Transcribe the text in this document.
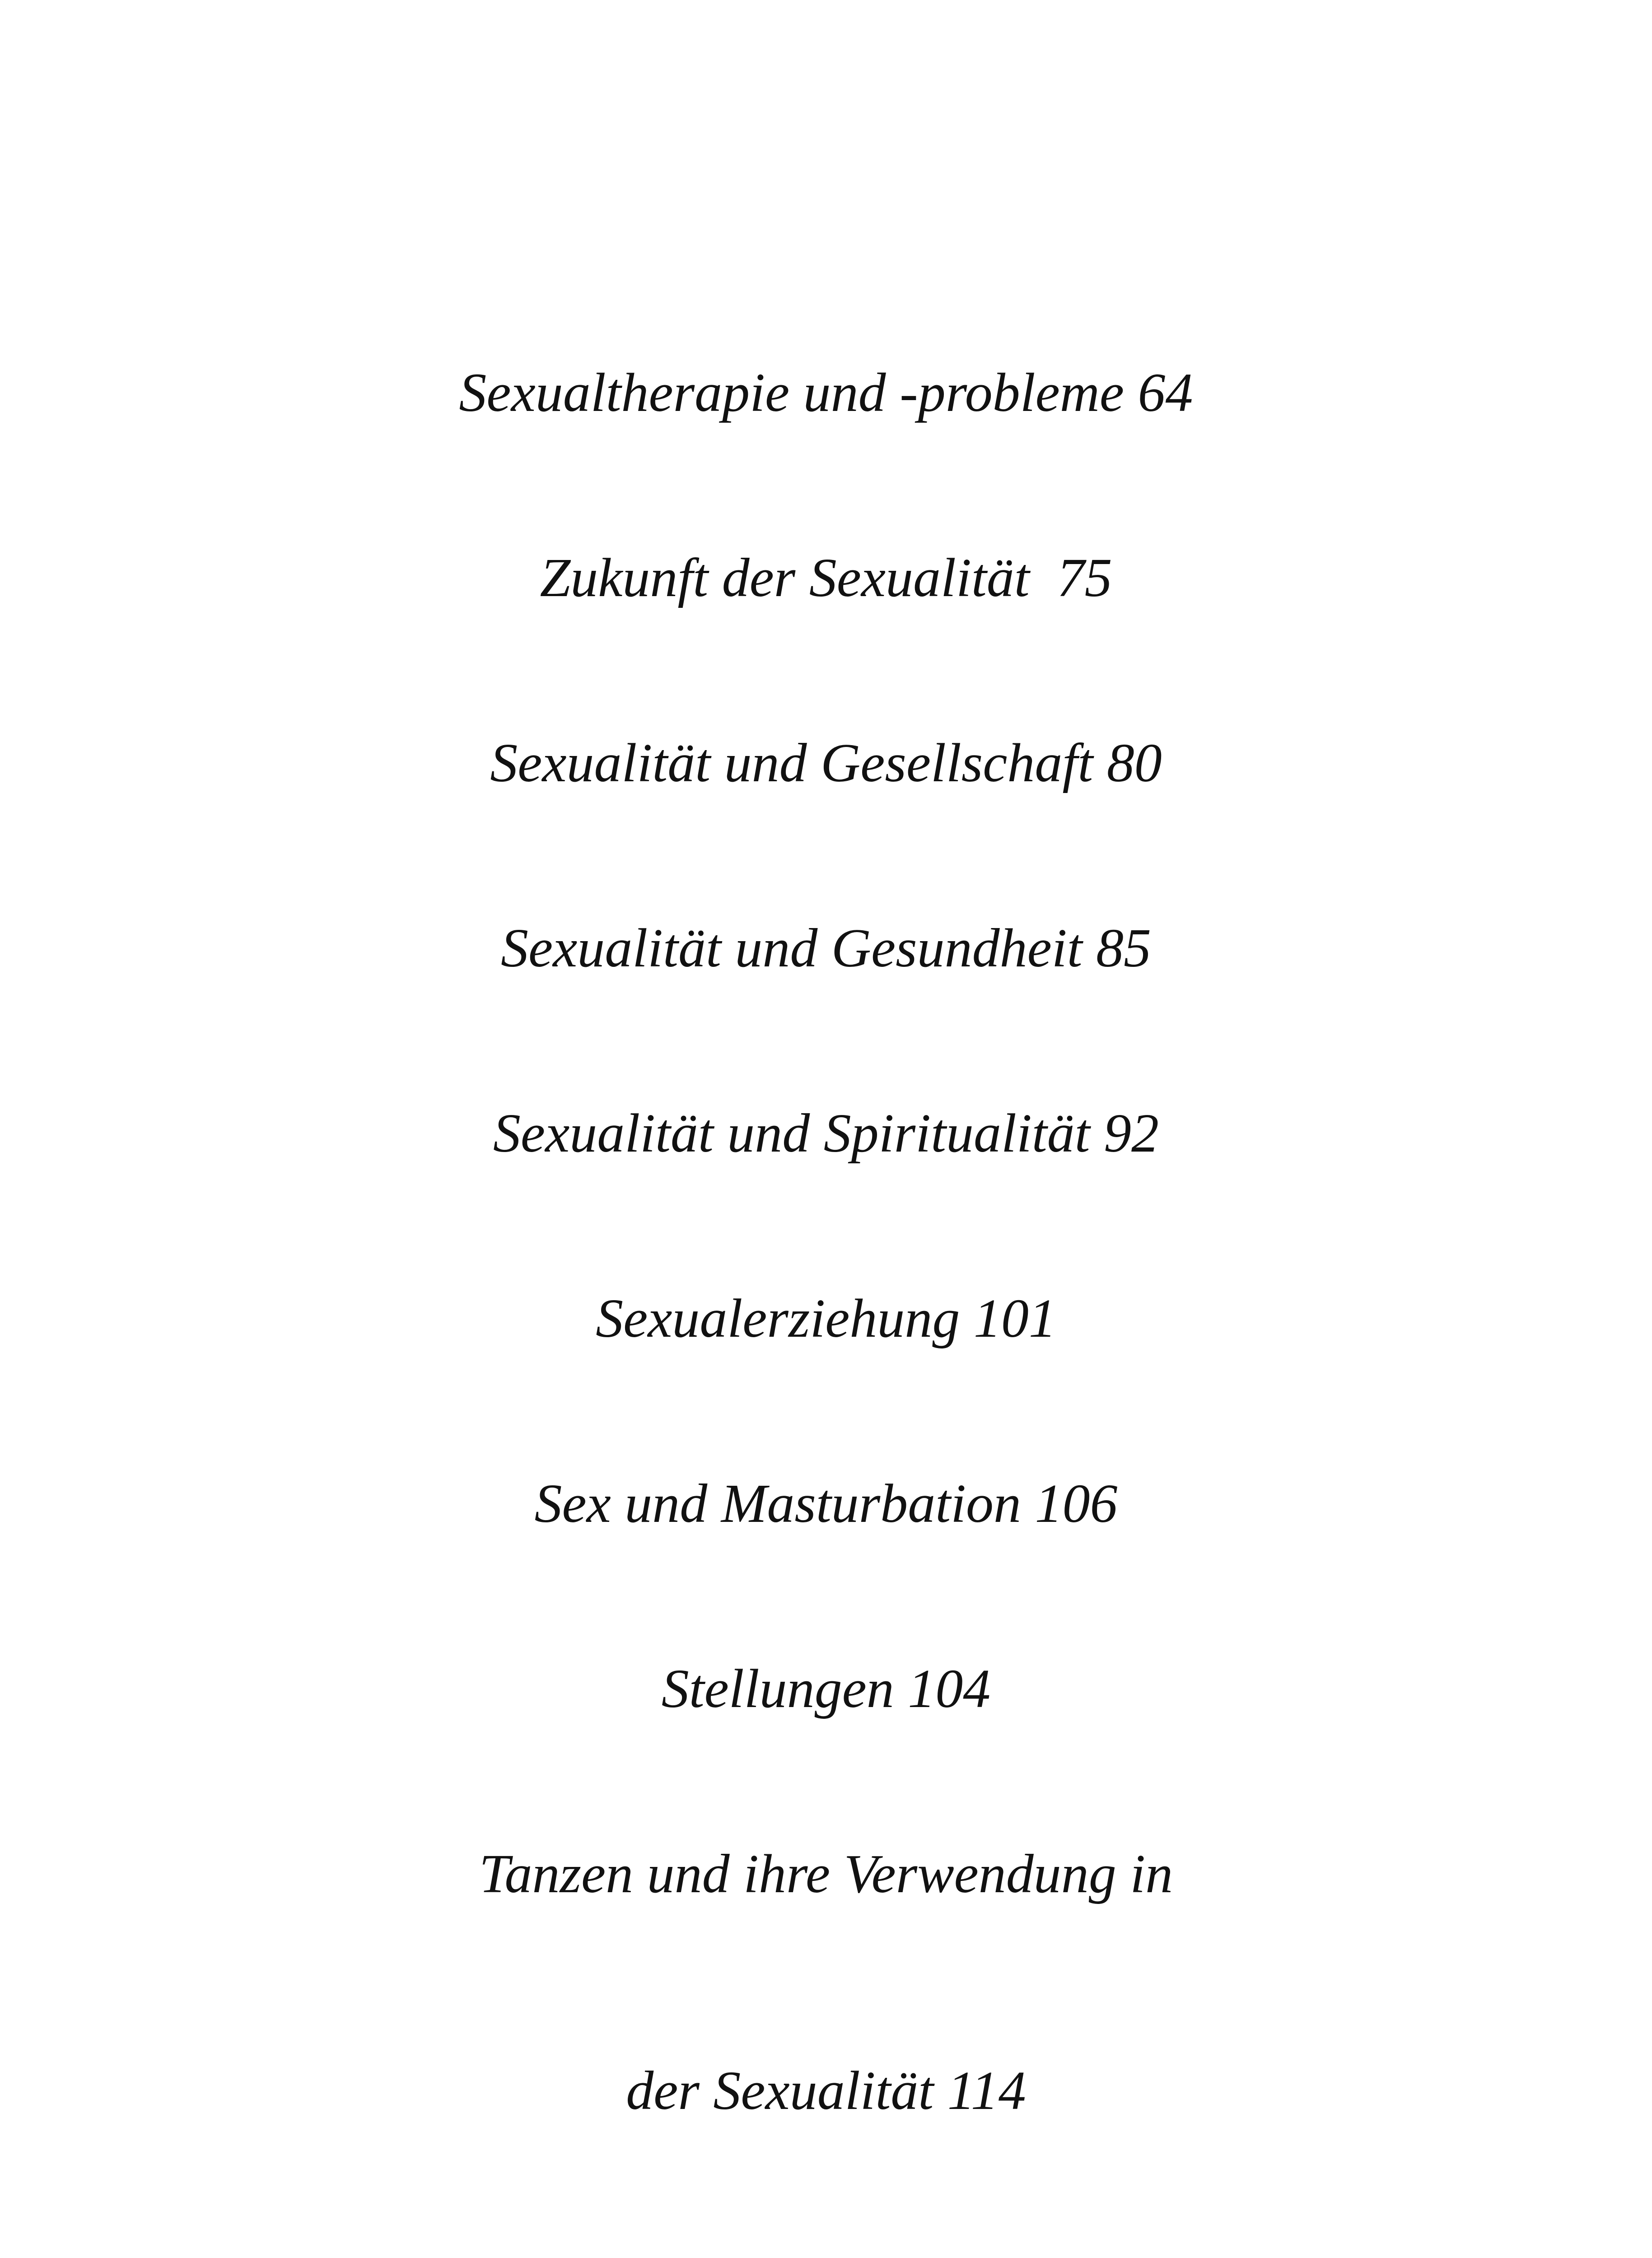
Sexualtherapie und -probleme 64

Zukunft der Sexualität  75

Sexualität und Gesellschaft 80

Sexualität und Gesundheit 85

Sexualität und Spiritualität 92

Sexualerziehung 101

Sex und Masturbation 106

Stellungen 104

Tanzen und ihre Verwendung in

der Sexualität 114
